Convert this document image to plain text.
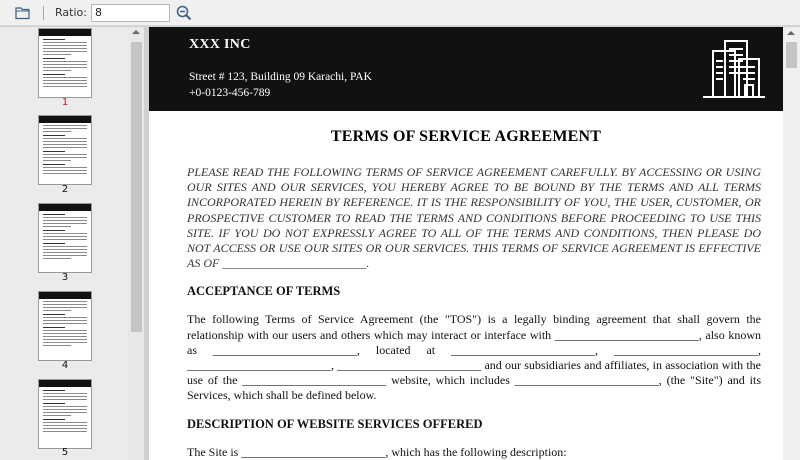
Ratio:
8
1
2
3
4
5
XXX INC
Street # 123, Building 09 Karachi, PAK
+0-0123-456-789
TERMS OF SERVICE AGREEMENT

PLEASE READ THE FOLLOWING TERMS OF SERVICE AGREEMENT CAREFULLY. BY ACCESSING OR USING OUR SITES AND OUR SERVICES, YOU HEREBY AGREE TO BE BOUND BY THE TERMS AND ALL TERMS INCORPORATED HEREIN BY REFERENCE. IT IS THE RESPONSIBILITY OF YOU, THE USER, CUSTOMER, OR PROSPECTIVE CUSTOMER TO READ THE TERMS AND CONDITIONS BEFORE PROCEEDING TO USE THIS SITE. IF YOU DO NOT EXPRESSLY AGREE TO ALL OF THE TERMS AND CONDITIONS, THEN PLEASE DO NOT ACCESS OR USE OUR SITES OR OUR SERVICES. THIS TERMS OF SERVICE AGREEMENT IS EFFECTIVE AS OF ________________________.

ACCEPTANCE OF TERMS

The following Terms of Service Agreement (the "TOS") is a legally binding agreement that shall govern the relationship with our users and others which may interact or interface with ________________________, also known as ________________________, located at ________________________, ________________________, ________________________, ________________________ and our subsidiaries and affiliates, in association with the use of the ________________________ website, which includes ________________________, (the "Site") and its Services, which shall be defined below.

DESCRIPTION OF WEBSITE SERVICES OFFERED

The Site is ________________________, which has the following description:
